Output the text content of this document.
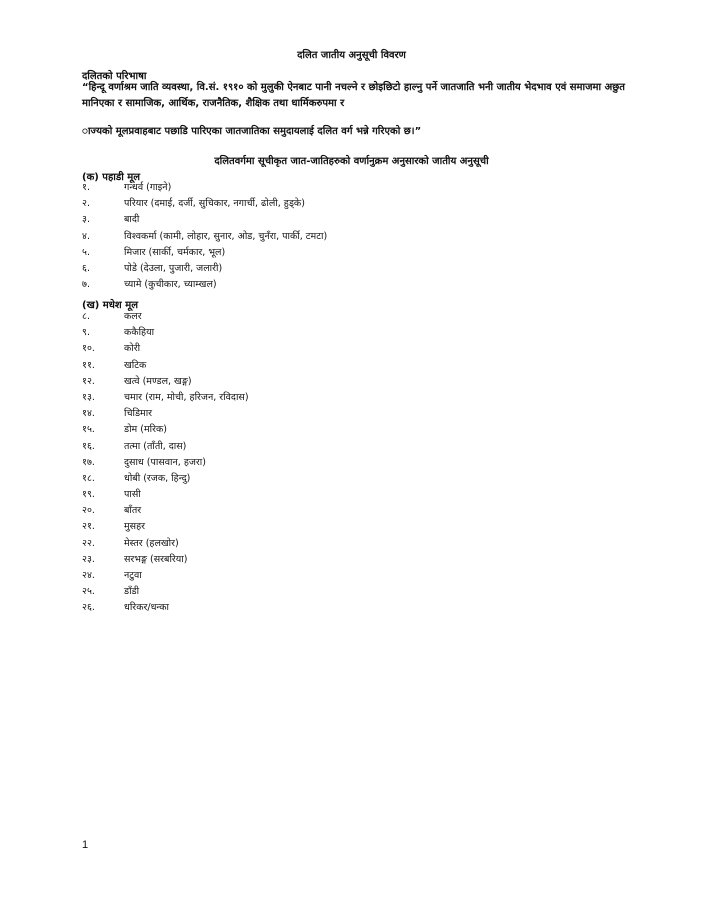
दलित जातीय अनुसूची विवरण
दलितको परिभाषा
“हिन्दू वर्णाश्रम जाति व्यवस्था, वि.सं. १९१० को मुलुकी ऐनबाट पानी नचल्ने र छोइछिटो हाल्नु पर्ने जातजाति भनी जातीय भेदभाव एवं समाजमा अछुत मानिएका र सामाजिक, आर्थिक, राजनैतिक, शैक्षिक तथा धार्मिकरुपमा र
ाज्यको मूलप्रवाहबाट पछाडि पारिएका जातजातिका समुदायलाई दलित वर्ग भन्ने गरिएको छ।”
दलितवर्गमा सूचीकृत जात-जातिहरुको वर्णानुक्रम अनुसारको जातीय अनुसूची
(क) पहाडी मूल
१.	गन्धर्व (गाइने)
२.	परियार (दमाई, दर्जी, सुचिकार, नगार्ची, ढोली, हुड्के)
३.	बादी
४.	विश्वकर्मा (कामी, लोहार, सुनार, ओड, चुनँरा, पार्की, टमटा)
५.	मिजार (सार्की, चर्मकार, भूल)
६.	पोडे (देउला, पुजारी, जलारी)
७.	च्यामे (कुचीकार, च्याम्खल)
(ख) मधेश मूल
८.	कलर
९.	ककैहिया
१०.	कोरी
११.	खटिक
१२.	खत्वे (मण्डल, खङ्ग)
१३.	चमार (राम, मोची, हरिजन, रविदास)
१४.	चिडिमार
१५.	डोम (मरिक)
१६.	तत्मा (ताँती, दास)
१७.	दुसाध (पासवान, हजरा)
१८.	धोबी (रजक, हिन्दु)
१९.	पासी
२०.	बाँतर
२१.	मुसहर
२२.	मेस्तर (हलखोर)
२३.	सरभङ्ग (सरबरिया)
२४.	नटुवा
२५.	डाँडी
२६.	धरिकर/धन्का
1
